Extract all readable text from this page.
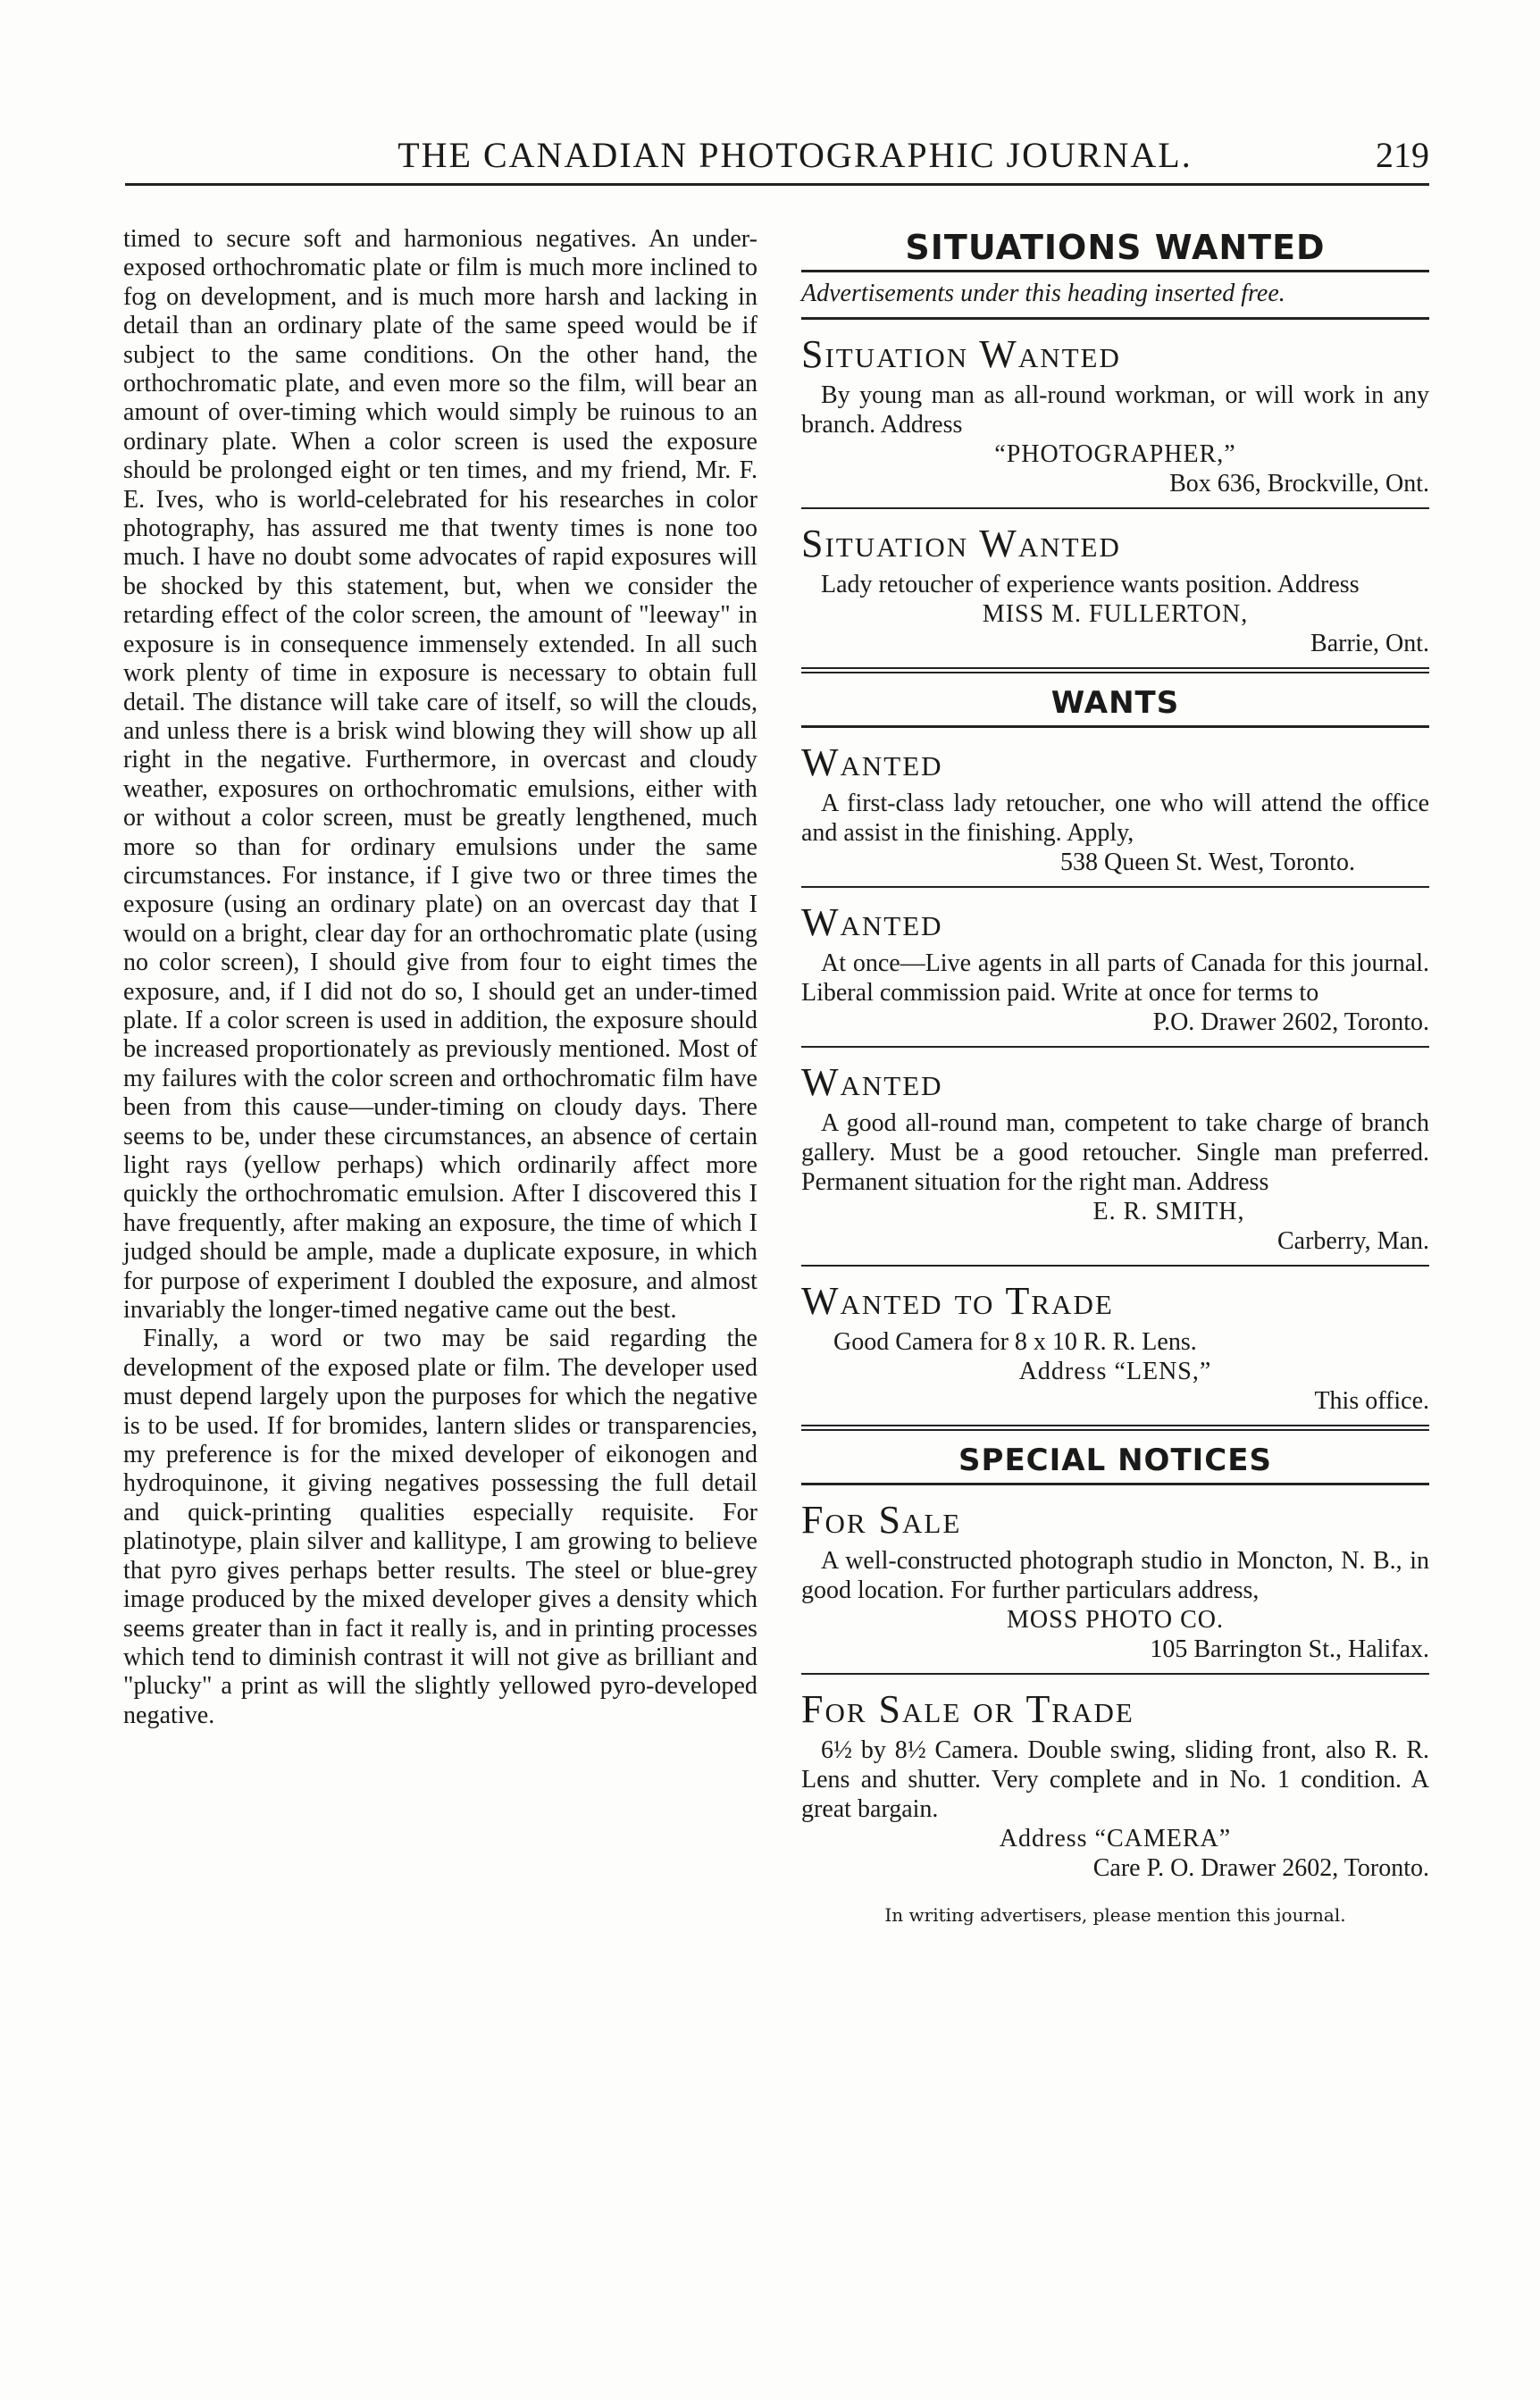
THE CANADIAN PHOTOGRAPHIC JOURNAL.	219

timed to secure soft and harmonious negatives. An under-exposed orthochromatic plate or film is much more inclined to fog on development, and is much more harsh and lacking in detail than an ordinary plate of the same speed would be if subject to the same conditions. On the other hand, the orthochromatic plate, and even more so the film, will bear an amount of over-timing which would simply be ruinous to an ordinary plate. When a color screen is used the exposure should be prolonged eight or ten times, and my friend, Mr. F. E. Ives, who is world-celebrated for his researches in color photography, has assured me that twenty times is none too much. I have no doubt some advocates of rapid exposures will be shocked by this statement, but, when we consider the retarding effect of the color screen, the amount of "leeway" in exposure is in consequence immensely extended. In all such work plenty of time in exposure is necessary to obtain full detail. The distance will take care of itself, so will the clouds, and unless there is a brisk wind blowing they will show up all right in the negative. Furthermore, in overcast and cloudy weather, exposures on orthochromatic emulsions, either with or without a color screen, must be greatly lengthened, much more so than for ordinary emulsions under the same circumstances. For instance, if I give two or three times the exposure (using an ordinary plate) on an overcast day that I would on a bright, clear day for an orthochromatic plate (using no color screen), I should give from four to eight times the exposure, and, if I did not do so, I should get an under-timed plate. If a color screen is used in addition, the exposure should be increased proportionately as previously mentioned. Most of my failures with the color screen and orthochromatic film have been from this cause—under-timing on cloudy days. There seems to be, under these circumstances, an absence of certain light rays (yellow perhaps) which ordinarily affect more quickly the orthochromatic emulsion. After I discovered this I have frequently, after making an exposure, the time of which I judged should be ample, made a duplicate exposure, in which for purpose of experiment I doubled the exposure, and almost invariably the longer-timed negative came out the best.

Finally, a word or two may be said regarding the development of the exposed plate or film. The developer used must depend largely upon the purposes for which the negative is to be used. If for bromides, lantern slides or transparencies, my preference is for the mixed developer of eikonogen and hydroquinone, it giving negatives possessing the full detail and quick-printing qualities especially requisite. For platinotype, plain silver and kallitype, I am growing to believe that pyro gives perhaps better results. The steel or blue-grey image produced by the mixed developer gives a density which seems greater than in fact it really is, and in printing processes which tend to diminish contrast it will not give as brilliant and "plucky" a print as will the slightly yellowed pyro-developed negative.

SITUATIONS WANTED
Advertisements under this heading inserted free.
Situation Wanted
By young man as all-round workman, or will work in any branch. Address
“PHOTOGRAPHER,”
Box 636, Brockville, Ont.
Situation Wanted
Lady retoucher of experience wants position. Address
MISS M. FULLERTON,
Barrie, Ont.
WANTS
Wanted
A first-class lady retoucher, one who will attend the office and assist in the finishing. Apply,
538 Queen St. West, Toronto.
Wanted
At once—Live agents in all parts of Canada for this journal. Liberal commission paid. Write at once for terms to
P.O. Drawer 2602, Toronto.
Wanted
A good all-round man, competent to take charge of branch gallery. Must be a good retoucher. Single man preferred. Permanent situation for the right man. Address
E. R. SMITH,
Carberry, Man.
Wanted to Trade
Good Camera for 8 x 10 R. R. Lens.
Address “LENS,”
This office.
SPECIAL NOTICES
For Sale
A well-constructed photograph studio in Moncton, N. B., in good location. For further particulars address,
MOSS PHOTO CO.
105 Barrington St., Halifax.
For Sale or Trade
6½ by 8½ Camera. Double swing, sliding front, also R. R. Lens and shutter. Very complete and in No. 1 condition. A great bargain.
Address “CAMERA”
Care P. O. Drawer 2602, Toronto.
In writing advertisers, please mention this journal.
